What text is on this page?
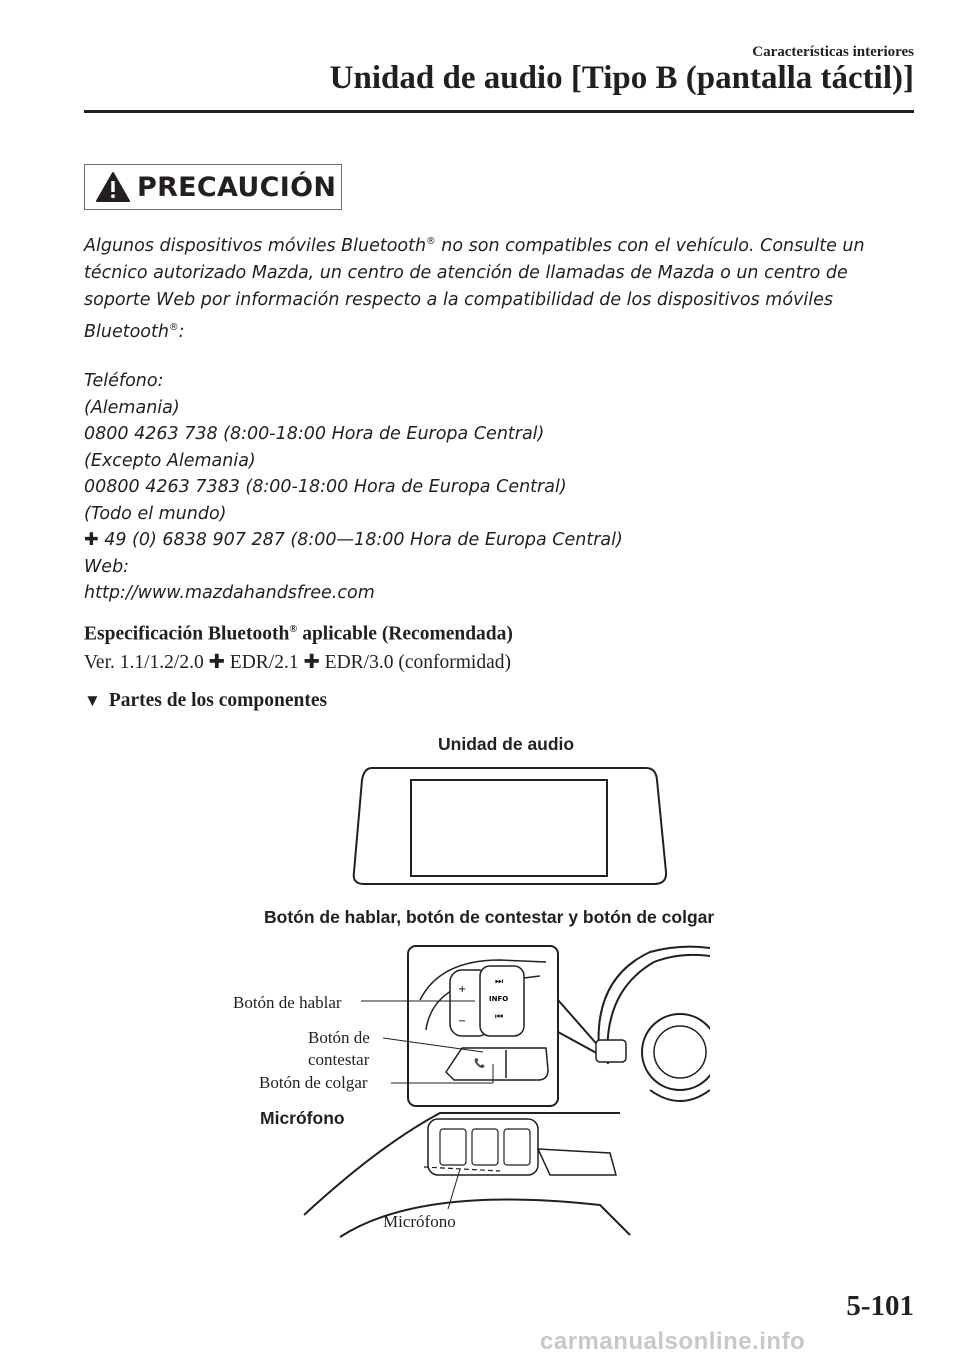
Características interiores
Unidad de audio [Tipo B (pantalla táctil)]
PRECAUCIÓN

Algunos dispositivos móviles Bluetooth® no son compatibles con el vehículo. Consulte un técnico autorizado Mazda, un centro de atención de llamadas de Mazda o un centro de soporte Web por información respecto a la compatibilidad de los dispositivos móviles Bluetooth®:

Teléfono:
(Alemania)
0800 4263 738 (8:00-18:00 Hora de Europa Central)
(Excepto Alemania)
00800 4263 7383 (8:00-18:00 Hora de Europa Central)
(Todo el mundo)
✚ 49 (0) 6838 907 287 (8:00—18:00 Hora de Europa Central)
Web:
http://www.mazdahandsfree.com
Especificación Bluetooth® aplicable (Recomendada)
Ver. 1.1/1.2/2.0 ✚ EDR/2.1 ✚ EDR/3.0 (conformidad)
▼ Partes de los componentes
Unidad de audio
Botón de hablar, botón de contestar y botón de colgar
+
−
⏭
INFO
⏮
📞
Botón de hablar
Botón de
contestar
Botón de colgar
Micrófono
Micrófono
5-101
carmanualsonline.info
